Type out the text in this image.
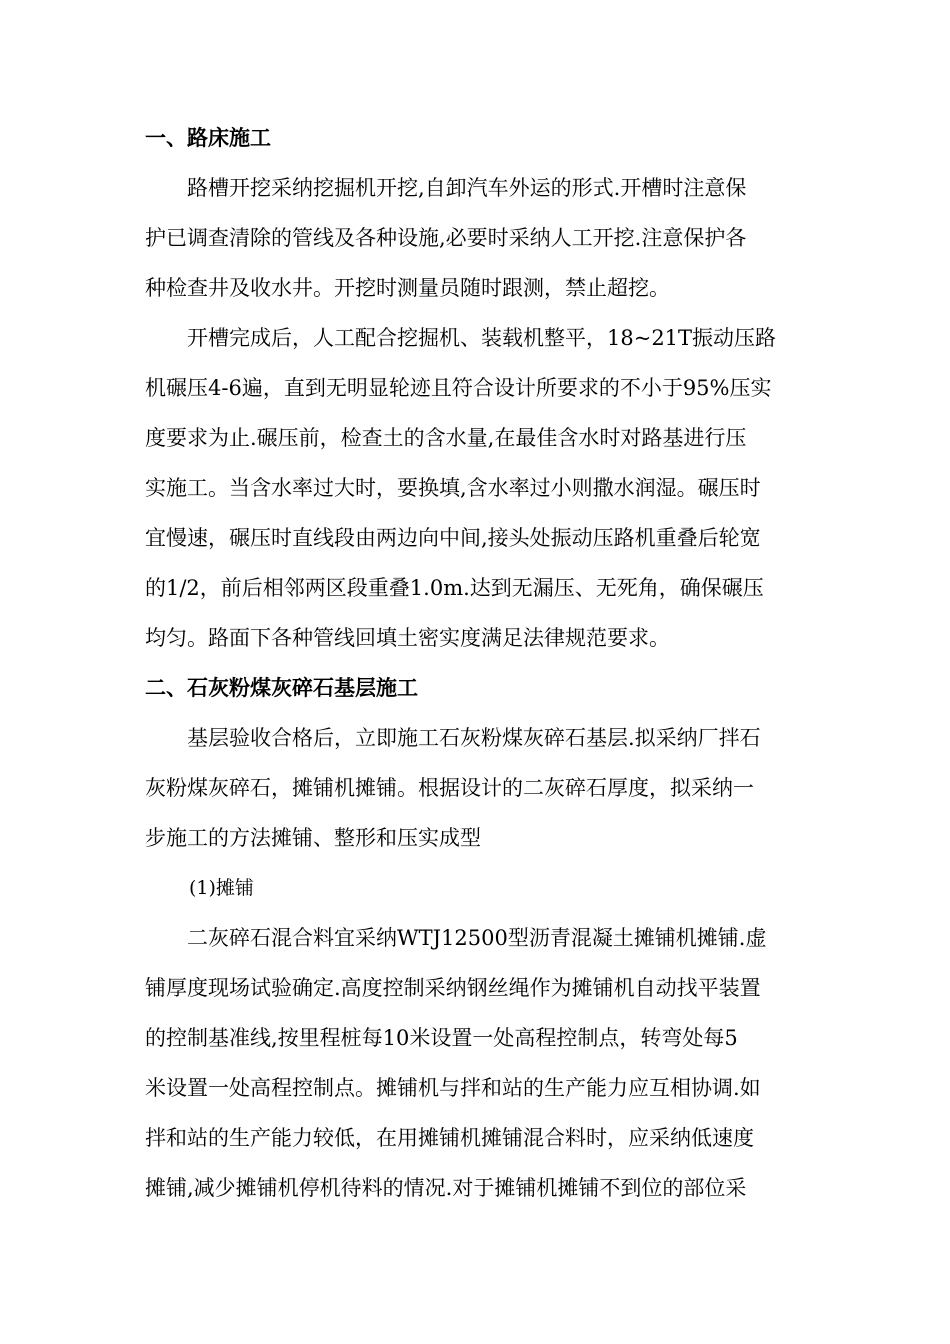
一、路床施工

路槽开挖采纳挖掘机开挖,自卸汽车外运的形式.开槽时注意保
护已调查清除的管线及各种设施,必要时采纳人工开挖.注意保护各
种检查井及收水井。开挖时测量员随时跟测，禁止超挖。

开槽完成后，人工配合挖掘机、装载机整平，18~21T振动压路
机碾压4-6遍，直到无明显轮迹且符合设计所要求的不小于95%压实
度要求为止.碾压前，检查土的含水量,在最佳含水时对路基进行压
实施工。当含水率过大时，要换填,含水率过小则撒水润湿。碾压时
宜慢速，碾压时直线段由两边向中间,接头处振动压路机重叠后轮宽
的1/2，前后相邻两区段重叠1.0m.达到无漏压、无死角，确保碾压
均匀。路面下各种管线回填土密实度满足法律规范要求。

二、石灰粉煤灰碎石基层施工

基层验收合格后，立即施工石灰粉煤灰碎石基层.拟采纳厂拌石
灰粉煤灰碎石，摊铺机摊铺。根据设计的二灰碎石厚度，拟采纳一
步施工的方法摊铺、整形和压实成型

(1)摊铺

二灰碎石混合料宜采纳WTJ12500型沥青混凝土摊铺机摊铺.虚
铺厚度现场试验确定.高度控制采纳钢丝绳作为摊铺机自动找平装置
的控制基准线,按里程桩每10米设置一处高程控制点，转弯处每5
米设置一处高程控制点。摊铺机与拌和站的生产能力应互相协调.如
拌和站的生产能力较低，在用摊铺机摊铺混合料时，应采纳低速度
摊铺,减少摊铺机停机待料的情况.对于摊铺机摊铺不到位的部位采
